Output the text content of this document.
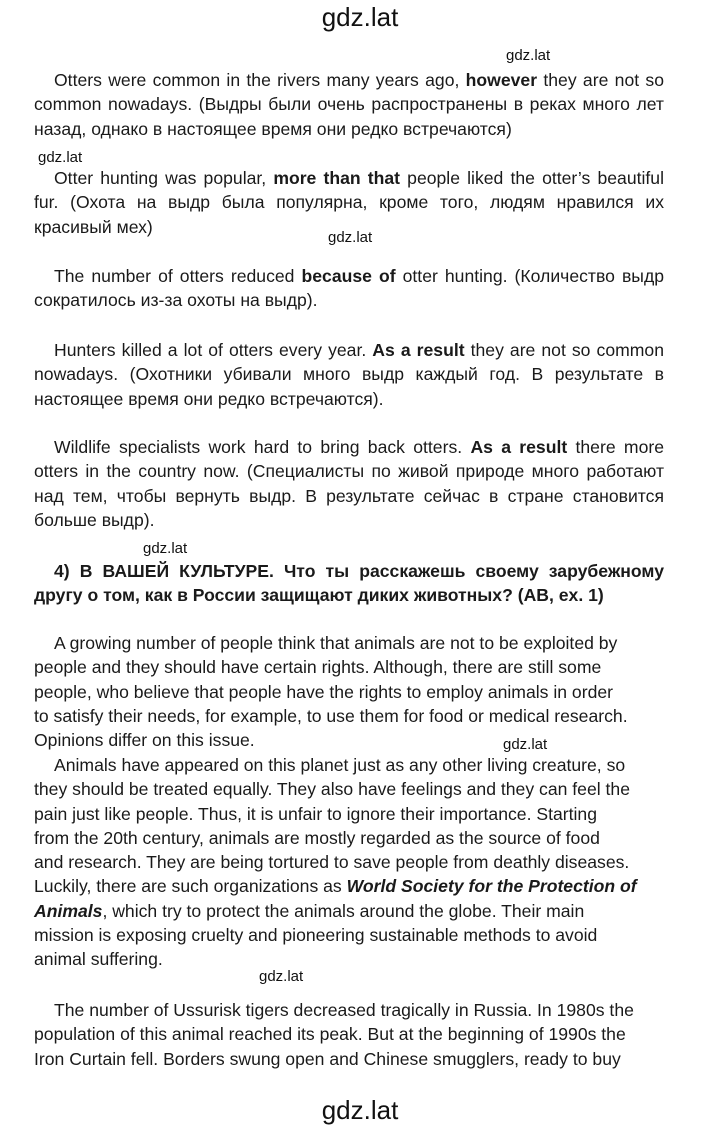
gdz.lat
gdz.lat
gdz.lat
gdz.lat
gdz.lat
gdz.lat
gdz.lat

Otters were common in the rivers many years ago, however they are not so common nowadays. (Выдры были очень распространены в реках много лет назад, однако в настоящее время они редко встречаются)

Otter hunting was popular, more than that people liked the otter’s beautiful fur. (Охота на выдр была популярна, кроме того, людям нравился их красивый мех)

The number of otters reduced because of otter hunting. (Количество выдр сократилось из-за охоты на выдр).

Hunters killed a lot of otters every year. As a result they are not so common nowadays. (Охотники убивали много выдр каждый год. В результате в настоящее время они редко встречаются).

Wildlife specialists work hard to bring back otters. As a result there more otters in the country now. (Специалисты по живой природе много работают над тем, чтобы вернуть выдр. В результате сейчас в стране становится больше выдр).

4) В ВАШЕЙ КУЛЬТУРЕ. Что ты расскажешь своему зарубежному другу о том, как в России защищают диких животных? (AB, ex. 1)

A growing number of people think that animals are not to be exploited by
people and they should have certain rights. Although, there are still some
people, who believe that people have the rights to employ animals in order
to satisfy their needs, for example, to use them for food or medical research.
Opinions differ on this issue.
Animals have appeared on this planet just as any other living creature, so
they should be treated equally. They also have feelings and they can feel the
pain just like people. Thus, it is unfair to ignore their importance. Starting
from the 20th century, animals are mostly regarded as the source of food
and research. They are being tortured to save people from deathly diseases.
Luckily, there are such organizations as World Society for the Protection of
Animals, which try to protect the animals around the globe. Their main
mission is exposing cruelty and pioneering sustainable methods to avoid
animal suffering.
The number of Ussurisk tigers decreased tragically in Russia. In 1980s the
population of this animal reached its peak. But at the beginning of 1990s the
Iron Curtain fell. Borders swung open and Chinese smugglers, ready to buy
gdz.lat
